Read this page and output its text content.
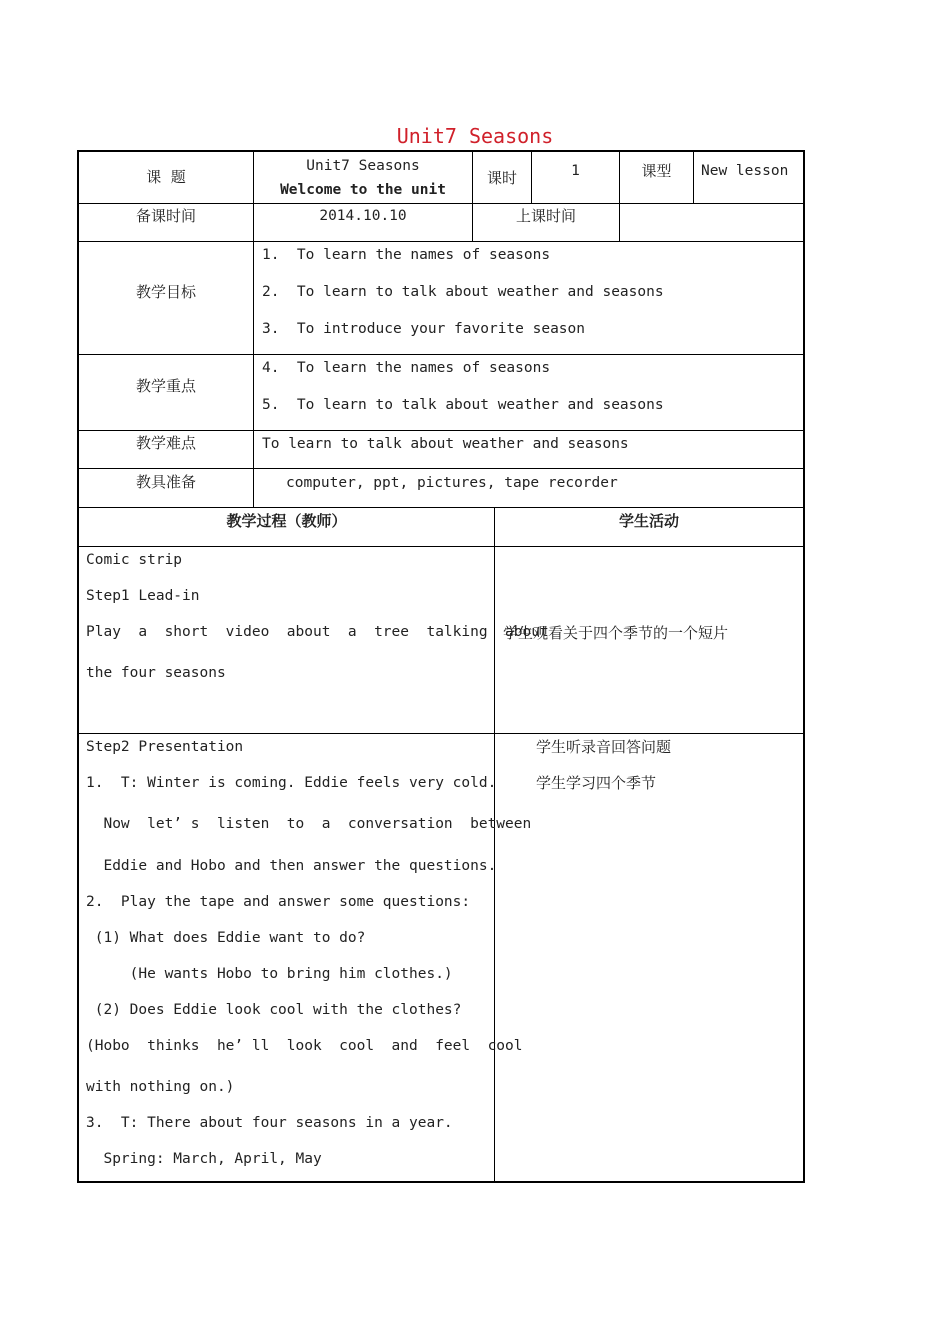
Unit7 Seasons
课  题
Unit7 Seasons
Welcome to the unit
课时	1	课型	New lesson
备课时间	2014.10.10	上课时间
教学目标
1.  To learn the names of seasons
2.  To learn to talk about weather and seasons
3.  To introduce your favorite season
教学重点
4.  To learn the names of seasons
5.  To learn to talk about weather and seasons
教学难点	To learn to talk about weather and seasons
教具准备	computer, ppt, pictures, tape recorder
教学过程（教师）	学生活动
Comic strip
Step1 Lead-in
Play  a  short  video  about  a  tree  talking  about
the four seasons
学生观看关于四个季节的一个短片
Step2 Presentation
1.  T: Winter is coming. Eddie feels very cold.
Now  let’ s  listen  to  a  conversation  between
Eddie and Hobo and then answer the questions.
2.  Play the tape and answer some questions:
(1) What does Eddie want to do?
(He wants Hobo to bring him clothes.)
(2) Does Eddie look cool with the clothes?
(Hobo  thinks  he’ ll  look  cool  and  feel  cool
with nothing on.)
3.  T: There about four seasons in a year.
Spring: March, April, May
学生听录音回答问题
学生学习四个季节
